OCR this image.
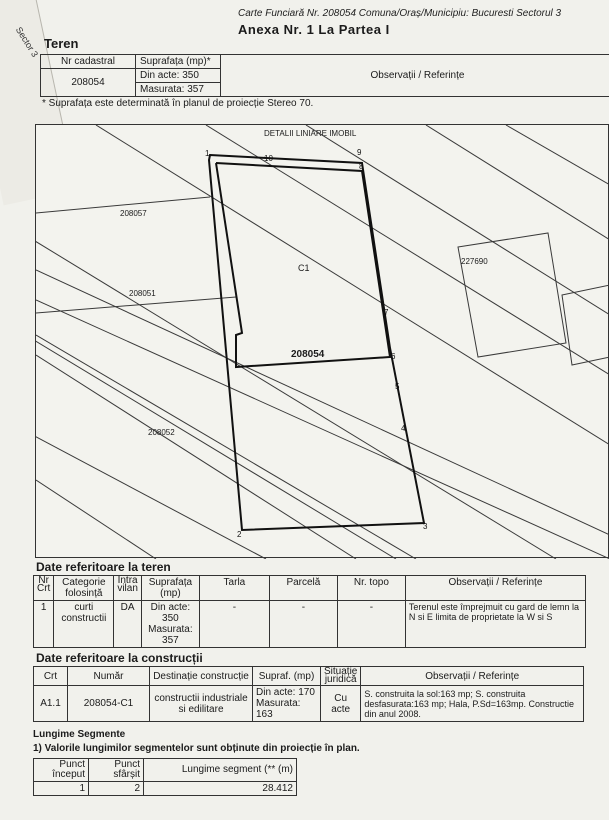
Sector 3
Carte Funciară Nr. 208054 Comuna/Oraș/Municipiu: Bucuresti Sectorul 3
Anexa Nr. 1 La Partea I
Teren
Nr cadastral	Suprafața (mp)*	Observații / Referințe
208054	Din acte: 350	
	Masurata: 357	
* Suprafața este determinată în planul de proiecție Stereo 70.
DETALII LINIARE IMOBIL
1
10
9
8
7
6
5
4
3
2
208057
208051
208052
227690
C1
208054
Date referitoare la teren
Nr Crt	Categorie folosință	Intra vilan	Suprafața (mp)	Tarla	Parcelă	Nr. topo	Observații / Referințe
1	curti constructii	DA	Din acte:
350
Masurata:
357	-	-	-	Terenul este împrejmuit cu gard de lemn la N si E limita de proprietate la W si S
Date referitoare la construcții
Crt	Număr	Destinație construcție	Supraf. (mp)	Situație juridică	Observații / Referințe
A1.1	208054-C1	constructii industriale si edilitare	Din acte: 170
Masurata: 163	Cu acte	S. construita la sol:163 mp; S. construita desfasurata:163 mp; Hala, P.Sd=163mp. Constructie din anul 2008.
Lungime Segmente
1) Valorile lungimilor segmentelor sunt obținute din proiecție în plan.
Punct început	Punct sfârșit	Lungime segment (** (m)
1	2	28.412
